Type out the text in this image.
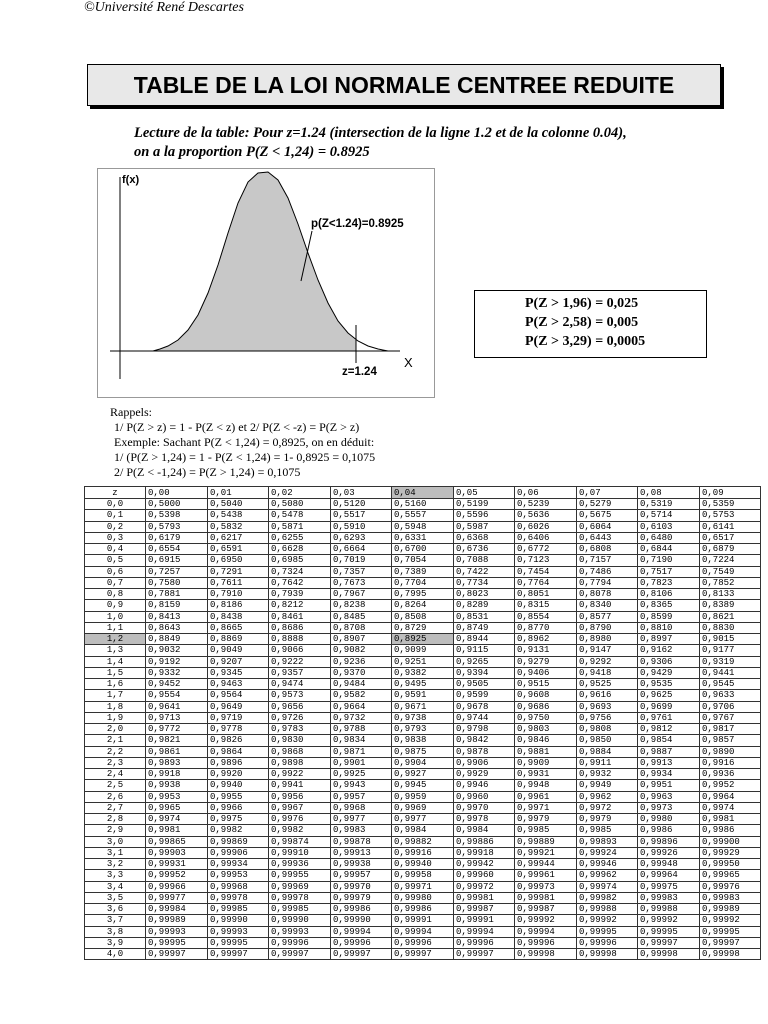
©Université René Descartes
TABLE DE LA LOI NORMALE CENTREE REDUITE
Lecture de la table: Pour z=1.24 (intersection de la ligne 1.2 et de la colonne 0.04),
on a la proportion P(Z < 1,24) = 0.8925
f(x)
X
p(Z<1.24)=0.8925
z=1.24
P(Z > 1,96) = 0,025
P(Z > 2,58) = 0,005
P(Z > 3,29) = 0,0005
Rappels:
1/ P(Z > z) = 1 - P(Z < z) et 2/ P(Z < -z) = P(Z > z)
Exemple: Sachant P(Z < 1,24) = 0,8925, on en déduit:
1/ (P(Z > 1,24) = 1 - P(Z < 1,24) = 1- 0,8925 = 0,1075
2/ P(Z < -1,24) = P(Z > 1,24) = 0,1075
z	0,00	0,01	0,02	0,03	0,04	0,05	0,06	0,07	0,08	0,09
0,0	0,5000	0,5040	0,5080	0,5120	0,5160	0,5199	0,5239	0,5279	0,5319	0,5359
0,1	0,5398	0,5438	0,5478	0,5517	0,5557	0,5596	0,5636	0,5675	0,5714	0,5753
0,2	0,5793	0,5832	0,5871	0,5910	0,5948	0,5987	0,6026	0,6064	0,6103	0,6141
0,3	0,6179	0,6217	0,6255	0,6293	0,6331	0,6368	0,6406	0,6443	0,6480	0,6517
0,4	0,6554	0,6591	0,6628	0,6664	0,6700	0,6736	0,6772	0,6808	0,6844	0,6879
0,5	0,6915	0,6950	0,6985	0,7019	0,7054	0,7088	0,7123	0,7157	0,7190	0,7224
0,6	0,7257	0,7291	0,7324	0,7357	0,7389	0,7422	0,7454	0,7486	0,7517	0,7549
0,7	0,7580	0,7611	0,7642	0,7673	0,7704	0,7734	0,7764	0,7794	0,7823	0,7852
0,8	0,7881	0,7910	0,7939	0,7967	0,7995	0,8023	0,8051	0,8078	0,8106	0,8133
0,9	0,8159	0,8186	0,8212	0,8238	0,8264	0,8289	0,8315	0,8340	0,8365	0,8389
1,0	0,8413	0,8438	0,8461	0,8485	0,8508	0,8531	0,8554	0,8577	0,8599	0,8621
1,1	0,8643	0,8665	0,8686	0,8708	0,8729	0,8749	0,8770	0,8790	0,8810	0,8830
1,2	0,8849	0,8869	0,8888	0,8907	0,8925	0,8944	0,8962	0,8980	0,8997	0,9015
1,3	0,9032	0,9049	0,9066	0,9082	0,9099	0,9115	0,9131	0,9147	0,9162	0,9177
1,4	0,9192	0,9207	0,9222	0,9236	0,9251	0,9265	0,9279	0,9292	0,9306	0,9319
1,5	0,9332	0,9345	0,9357	0,9370	0,9382	0,9394	0,9406	0,9418	0,9429	0,9441
1,6	0,9452	0,9463	0,9474	0,9484	0,9495	0,9505	0,9515	0,9525	0,9535	0,9545
1,7	0,9554	0,9564	0,9573	0,9582	0,9591	0,9599	0,9608	0,9616	0,9625	0,9633
1,8	0,9641	0,9649	0,9656	0,9664	0,9671	0,9678	0,9686	0,9693	0,9699	0,9706
1,9	0,9713	0,9719	0,9726	0,9732	0,9738	0,9744	0,9750	0,9756	0,9761	0,9767
2,0	0,9772	0,9778	0,9783	0,9788	0,9793	0,9798	0,9803	0,9808	0,9812	0,9817
2,1	0,9821	0,9826	0,9830	0,9834	0,9838	0,9842	0,9846	0,9850	0,9854	0,9857
2,2	0,9861	0,9864	0,9868	0,9871	0,9875	0,9878	0,9881	0,9884	0,9887	0,9890
2,3	0,9893	0,9896	0,9898	0,9901	0,9904	0,9906	0,9909	0,9911	0,9913	0,9916
2,4	0,9918	0,9920	0,9922	0,9925	0,9927	0,9929	0,9931	0,9932	0,9934	0,9936
2,5	0,9938	0,9940	0,9941	0,9943	0,9945	0,9946	0,9948	0,9949	0,9951	0,9952
2,6	0,9953	0,9955	0,9956	0,9957	0,9959	0,9960	0,9961	0,9962	0,9963	0,9964
2,7	0,9965	0,9966	0,9967	0,9968	0,9969	0,9970	0,9971	0,9972	0,9973	0,9974
2,8	0,9974	0,9975	0,9976	0,9977	0,9977	0,9978	0,9979	0,9979	0,9980	0,9981
2,9	0,9981	0,9982	0,9982	0,9983	0,9984	0,9984	0,9985	0,9985	0,9986	0,9986
3,0	0,99865	0,99869	0,99874	0,99878	0,99882	0,99886	0,99889	0,99893	0,99896	0,99900
3,1	0,99903	0,99906	0,99910	0,99913	0,99916	0,99918	0,99921	0,99924	0,99926	0,99929
3,2	0,99931	0,99934	0,99936	0,99938	0,99940	0,99942	0,99944	0,99946	0,99948	0,99950
3,3	0,99952	0,99953	0,99955	0,99957	0,99958	0,99960	0,99961	0,99962	0,99964	0,99965
3,4	0,99966	0,99968	0,99969	0,99970	0,99971	0,99972	0,99973	0,99974	0,99975	0,99976
3,5	0,99977	0,99978	0,99978	0,99979	0,99980	0,99981	0,99981	0,99982	0,99983	0,99983
3,6	0,99984	0,99985	0,99985	0,99986	0,99986	0,99987	0,99987	0,99988	0,99988	0,99989
3,7	0,99989	0,99990	0,99990	0,99990	0,99991	0,99991	0,99992	0,99992	0,99992	0,99992
3,8	0,99993	0,99993	0,99993	0,99994	0,99994	0,99994	0,99994	0,99995	0,99995	0,99995
3,9	0,99995	0,99995	0,99996	0,99996	0,99996	0,99996	0,99996	0,99996	0,99997	0,99997
4,0	0,99997	0,99997	0,99997	0,99997	0,99997	0,99997	0,99998	0,99998	0,99998	0,99998
